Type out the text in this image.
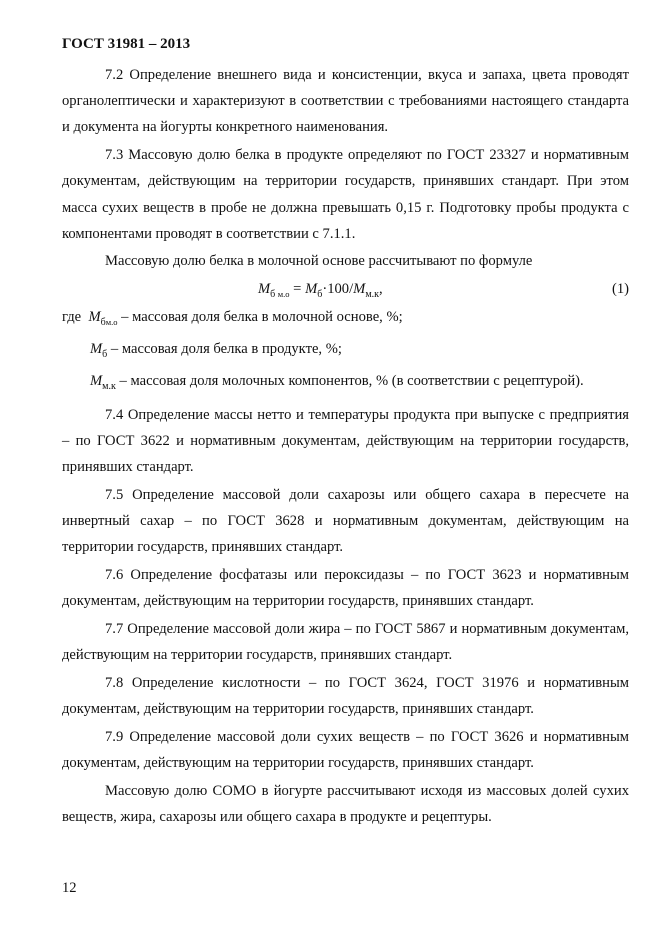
ГОСТ 31981 – 2013

7.2 Определение внешнего вида и консистенции, вкуса и запаха, цвета проводят органолептически и характеризуют в соответствии с требованиями настоящего стандарта и документа на йогурты конкретного наименования.

7.3 Массовую долю белка в продукте определяют по ГОСТ 23327 и нормативным документам, действующим на территории государств, принявших стандарт. При этом масса сухих веществ в пробе не должна превышать 0,15 г. Подготовку пробы продукта с компонентами проводят в соответствии с 7.1.1.

Массовую долю белка в молочной основе рассчитывают по формуле

$M_{б м.о} = M_б\cdot 100/M_{м.к}$,	(1)

где $M_{бм.о}$ – массовая доля белка в молочной основе, %;

$M_б$ – массовая доля белка в продукте, %;

$M_{м.к}$ – массовая доля молочных компонентов, % (в соответствии с рецептурой).

7.4 Определение массы нетто и температуры продукта при выпуске с предприятия – по ГОСТ 3622 и нормативным документам, действующим на территории государств, принявших стандарт.

7.5 Определение массовой доли сахарозы или общего сахара в пересчете на инвертный сахар – по ГОСТ 3628 и нормативным документам, действующим на территории государств, принявших стандарт.

7.6 Определение фосфатазы или пероксидазы – по ГОСТ 3623 и нормативным документам, действующим на территории государств, принявших стандарт.

7.7 Определение массовой доли жира – по ГОСТ 5867 и нормативным документам, действующим на территории государств, принявших стандарт.

7.8 Определение кислотности – по ГОСТ 3624, ГОСТ 31976 и нормативным документам, действующим на территории государств, принявших стандарт.

7.9 Определение массовой доли сухих веществ – по ГОСТ 3626 и нормативным документам, действующим на территории государств, принявших стандарт.

Массовую долю СОМО в йогурте рассчитывают исходя из массовых долей сухих веществ, жира, сахарозы или общего сахара в продукте и рецептуры.

12
